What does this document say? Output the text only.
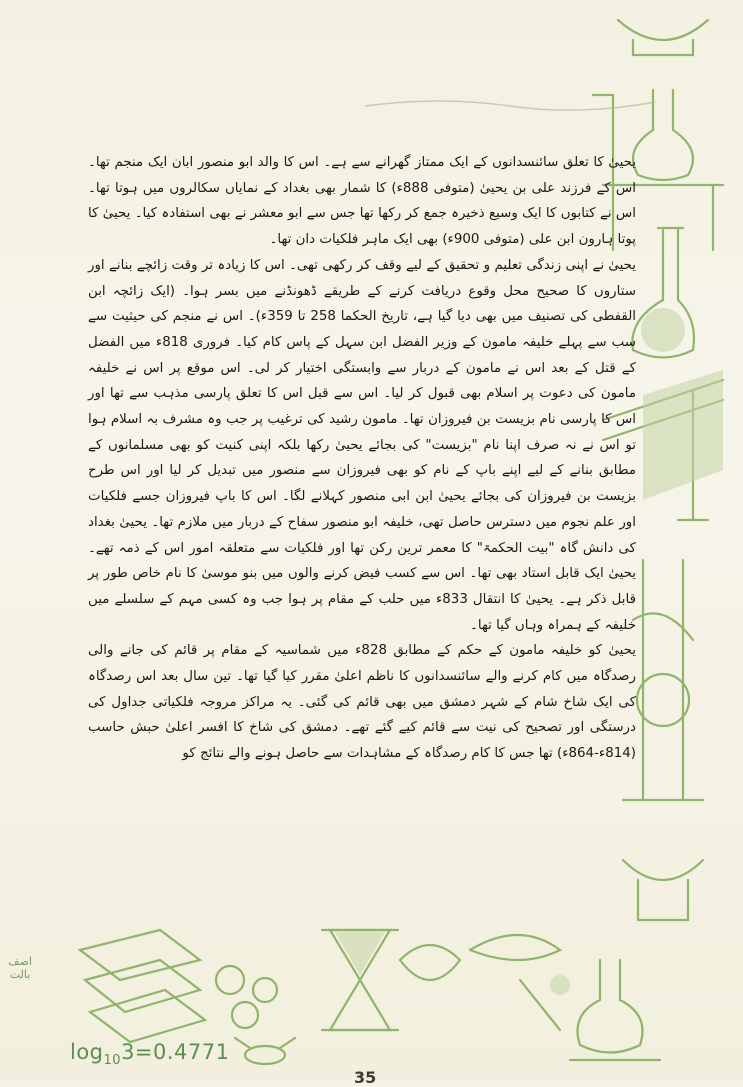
یحییٰ کا تعلق سائنسدانوں کے ایک ممتاز گھرانے سے ہے۔ اس کا والد ابو منصور ابان ایک منجم تھا۔ اس کے فرزند علی بن یحییٰ (متوفی 888ء) کا شمار بھی بغداد کے نمایاں سکالروں میں ہوتا تھا۔ اس نے کتابوں کا ایک وسیع ذخیرہ جمع کر رکھا تھا جس سے ابو معشر نے بھی استفادہ کیا۔ یحییٰ کا پوتا ہارون ابن علی (متوفی 900ء) بھی ایک ماہر فلکیات دان تھا۔

یحییٰ نے اپنی زندگی تعلیم و تحقیق کے لیے وقف کر رکھی تھی۔ اس کا زیادہ تر وقت زائچے بنانے اور ستاروں کا صحیح محل وقوع دریافت کرنے کے طریقے ڈھونڈنے میں بسر ہوا۔ (ایک زائچہ ابن القفطی کی تصنیف میں بھی دیا گیا ہے، تاریخ الحکما 258 تا 359ء)۔ اس نے منجم کی حیثیت سے سب سے پہلے خلیفہ مامون کے وزیر الفضل ابن سہل کے پاس کام کیا۔ فروری 818ء میں الفضل کے قتل کے بعد اس نے مامون کے دربار سے وابستگی اختیار کر لی۔ اس موقع پر اس نے خلیفہ مامون کی دعوت پر اسلام بھی قبول کر لیا۔ اس سے قبل اس کا تعلق پارسی مذہب سے تھا اور اس کا پارسی نام بزیست بن فیروزان تھا۔ مامون رشید کی ترغیب پر جب وہ مشرف بہ اسلام ہوا تو اس نے نہ صرف اپنا نام "بزیست" کی بجائے یحییٰ رکھا بلکہ اپنی کنیت کو بھی مسلمانوں کے مطابق بنانے کے لیے اپنے باپ کے نام کو بھی فیروزان سے منصور میں تبدیل کر لیا اور اس طرح بزیست بن فیروزان کی بجائے یحییٰ ابن ابی منصور کہلانے لگا۔ اس کا باپ فیروزان جسے فلکیات اور علم نجوم میں دسترس حاصل تھی، خلیفہ ابو منصور سفاح کے دربار میں ملازم تھا۔ یحییٰ بغداد کی دانش گاہ "بیت الحکمۃ" کا معمر ترین رکن تھا اور فلکیات سے متعلقہ امور اس کے ذمہ تھے۔ یحییٰ ایک قابل استاد بھی تھا۔ اس سے کسب فیض کرنے والوں میں بنو موسیٰ کا نام خاص طور پر قابل ذکر ہے۔ یحییٰ کا انتقال 833ء میں حلب کے مقام پر ہوا جب وہ کسی مہم کے سلسلے میں خلیفہ کے ہمراہ وہاں گیا تھا۔

یحییٰ کو خلیفہ مامون کے حکم کے مطابق 828ء میں شماسیہ کے مقام پر قائم کی جانے والی رصدگاہ میں کام کرنے والے سائنسدانوں کا ناظم اعلیٰ مقرر کیا گیا تھا۔ تین سال بعد اس رصدگاہ کی ایک شاخ شام کے شہر دمشق میں بھی قائم کی گئی۔ یہ مراکز مروجہ فلکیاتی جداول کی درستگی اور تصحیح کی نیت سے قائم کیے گئے تھے۔ دمشق کی شاخ کا افسر اعلیٰ حبش حاسب (814ء-864ء) تھا جس کا کام رصدگاہ کے مشاہدات سے حاصل ہونے والے نتائج کو

اصف بالت
$\log_{10}3=0.4771$
35
